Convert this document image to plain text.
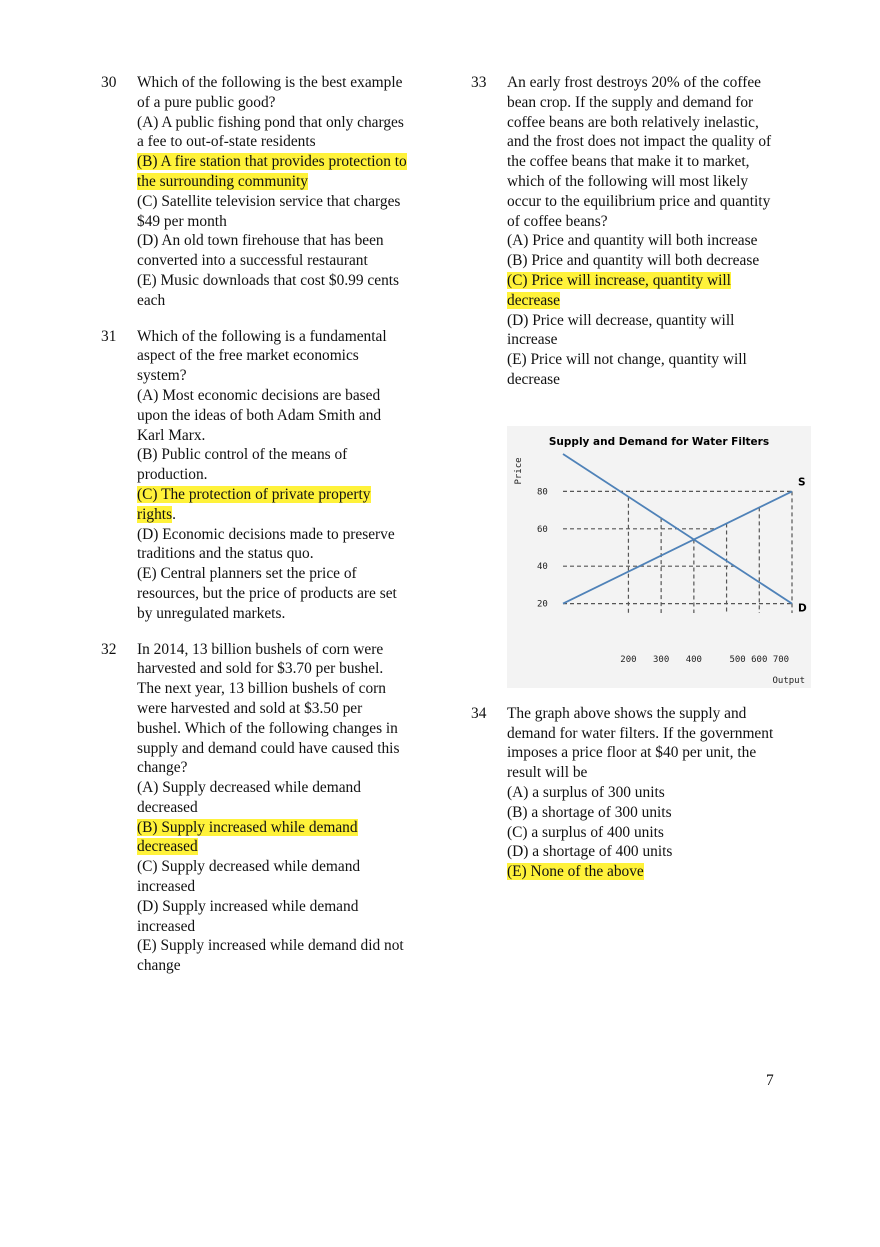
30	Which of the following is the best example
of a pure public good?
(A) A public fishing pond that only charges
a fee to out-of-state residents
(B) A fire station that provides protection to
the surrounding community
(C) Satellite television service that charges
$49 per month
(D) An old town firehouse that has been
converted into a successful restaurant
(E) Music downloads that cost $0.99 cents
each
31	Which of the following is a fundamental
aspect of the free market economics
system?
(A) Most economic decisions are based
upon the ideas of both Adam Smith and
Karl Marx.
(B) Public control of the means of
production.
(C) The protection of private property
rights.
(D) Economic decisions made to preserve
traditions and the status quo.
(E) Central planners set the price of
resources, but the price of products are set
by unregulated markets.
32	In 2014, 13 billion bushels of corn were
harvested and sold for $3.70 per bushel.
The next year, 13 billion bushels of corn
were harvested and sold at $3.50 per
bushel. Which of the following changes in
supply and demand could have caused this
change?
(A) Supply decreased while demand
decreased
(B) Supply increased while demand
decreased
(C) Supply decreased while demand
increased
(D) Supply increased while demand
increased
(E) Supply increased while demand did not
change
33	An early frost destroys 20% of the coffee
bean crop. If the supply and demand for
coffee beans are both relatively inelastic,
and the frost does not impact the quality of
the coffee beans that make it to market,
which of the following will most likely
occur to the equilibrium price and quantity
of coffee beans?
(A) Price and quantity will both increase
(B) Price and quantity will both decrease
(C) Price will increase, quantity will
decrease
(D) Price will decrease, quantity will
increase
(E) Price will not change, quantity will
decrease
S
D
Supply and Demand for Water Filters
Price
Output
20
40
60
80
200 300 400	500 600 700
34	The graph above shows the supply and
demand for water filters. If the government
imposes a price floor at $40 per unit, the
result will be
(A) a surplus of 300 units
(B) a shortage of 300 units
(C) a surplus of 400 units
(D) a shortage of 400 units
(E) None of the above
7
